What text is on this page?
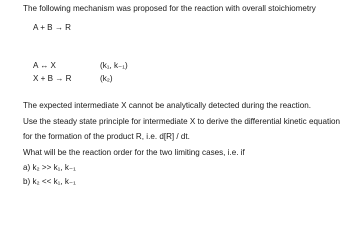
The following mechanism was proposed for the reaction with overall stoichiometry
A + B → R
A ↔ X	(k₁, k₋₁)
X + B → R	(k₂)
The expected intermediate X cannot be analytically detected during the reaction.
Use the steady state principle for intermediate X to derive the differential kinetic equation
for the formation of the product R, i.e. d[R] / dt.
What will be the reaction order for the two limiting cases, i.e. if
a) k₂ >> k₁, k₋₁
b) k₂ << k₁, k₋₁
